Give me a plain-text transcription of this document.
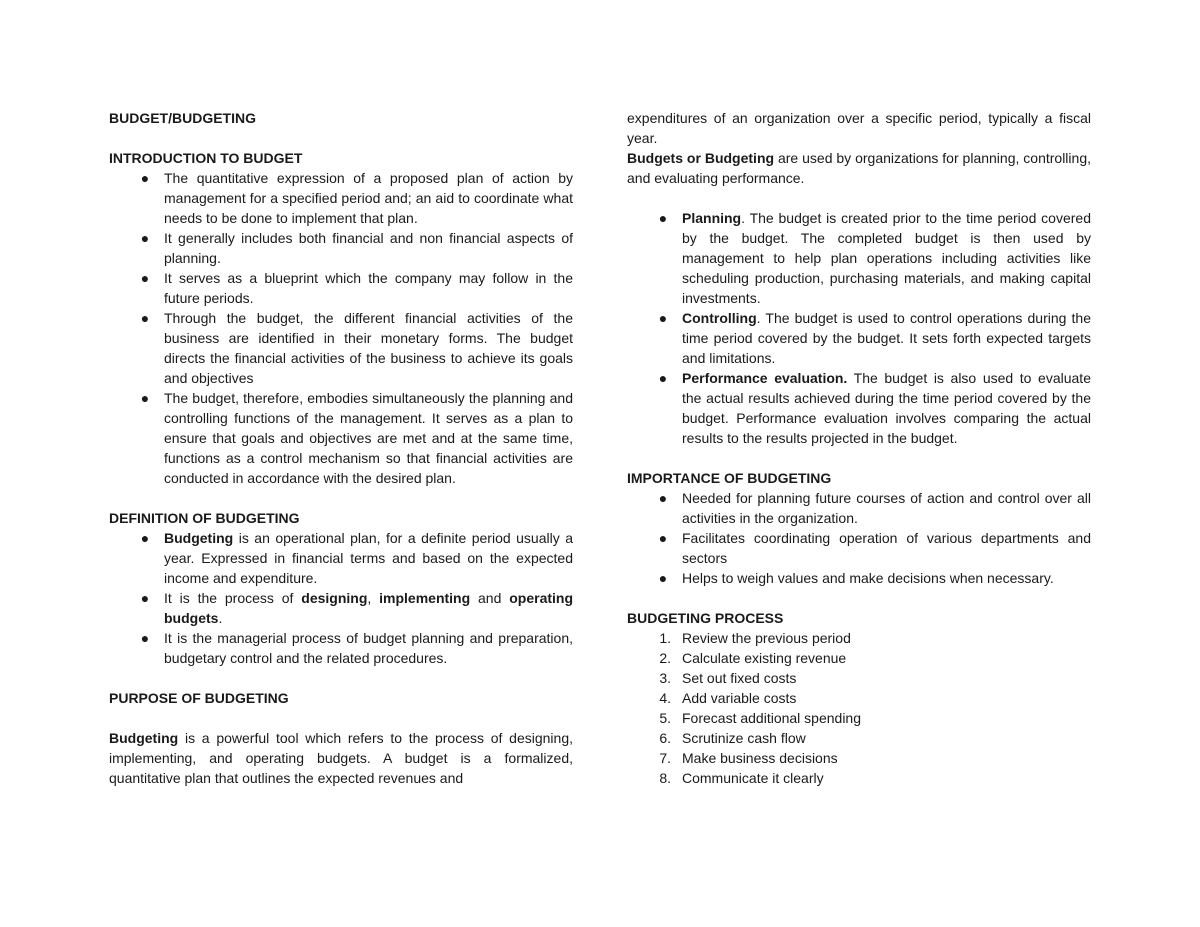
BUDGET/BUDGETING
INTRODUCTION TO BUDGET
● The quantitative expression of a proposed plan of action by management for a specified period and; an aid to coordinate what needs to be done to implement that plan.
● It generally includes both financial and non financial aspects of planning.
● It serves as a blueprint which the company may follow in the future periods.
● Through the budget, the different financial activities of the business are identified in their monetary forms. The budget directs the financial activities of the business to achieve its goals and objectives
● The budget, therefore, embodies simultaneously the planning and controlling functions of the management. It serves as a plan to ensure that goals and objectives are met and at the same time, functions as a control mechanism so that financial activities are conducted in accordance with the desired plan.
DEFINITION OF BUDGETING
● Budgeting is an operational plan, for a definite period usually a year. Expressed in financial terms and based on the expected income and expenditure.
● It is the process of designing, implementing and operating budgets.
● It is the managerial process of budget planning and preparation, budgetary control and the related procedures.
PURPOSE OF BUDGETING

Budgeting is a powerful tool which refers to the process of designing, implementing, and operating budgets. A budget is a formalized, quantitative plan that outlines the expected revenues and

expenditures of an organization over a specific period, typically a fiscal year.

Budgets or Budgeting are used by organizations for planning, controlling, and evaluating performance.

● Planning. The budget is created prior to the time period covered by the budget. The completed budget is then used by management to help plan operations including activities like scheduling production, purchasing materials, and making capital investments.
● Controlling. The budget is used to control operations during the time period covered by the budget. It sets forth expected targets and limitations.
● Performance evaluation. The budget is also used to evaluate the actual results achieved during the time period covered by the budget. Performance evaluation involves comparing the actual results to the results projected in the budget.
IMPORTANCE OF BUDGETING
● Needed for planning future courses of action and control over all activities in the organization.
● Facilitates coordinating operation of various departments and sectors
● Helps to weigh values and make decisions when necessary.
BUDGETING PROCESS
1. Review the previous period
2. Calculate existing revenue
3. Set out fixed costs
4. Add variable costs
5. Forecast additional spending
6. Scrutinize cash flow
7. Make business decisions
8. Communicate it clearly
